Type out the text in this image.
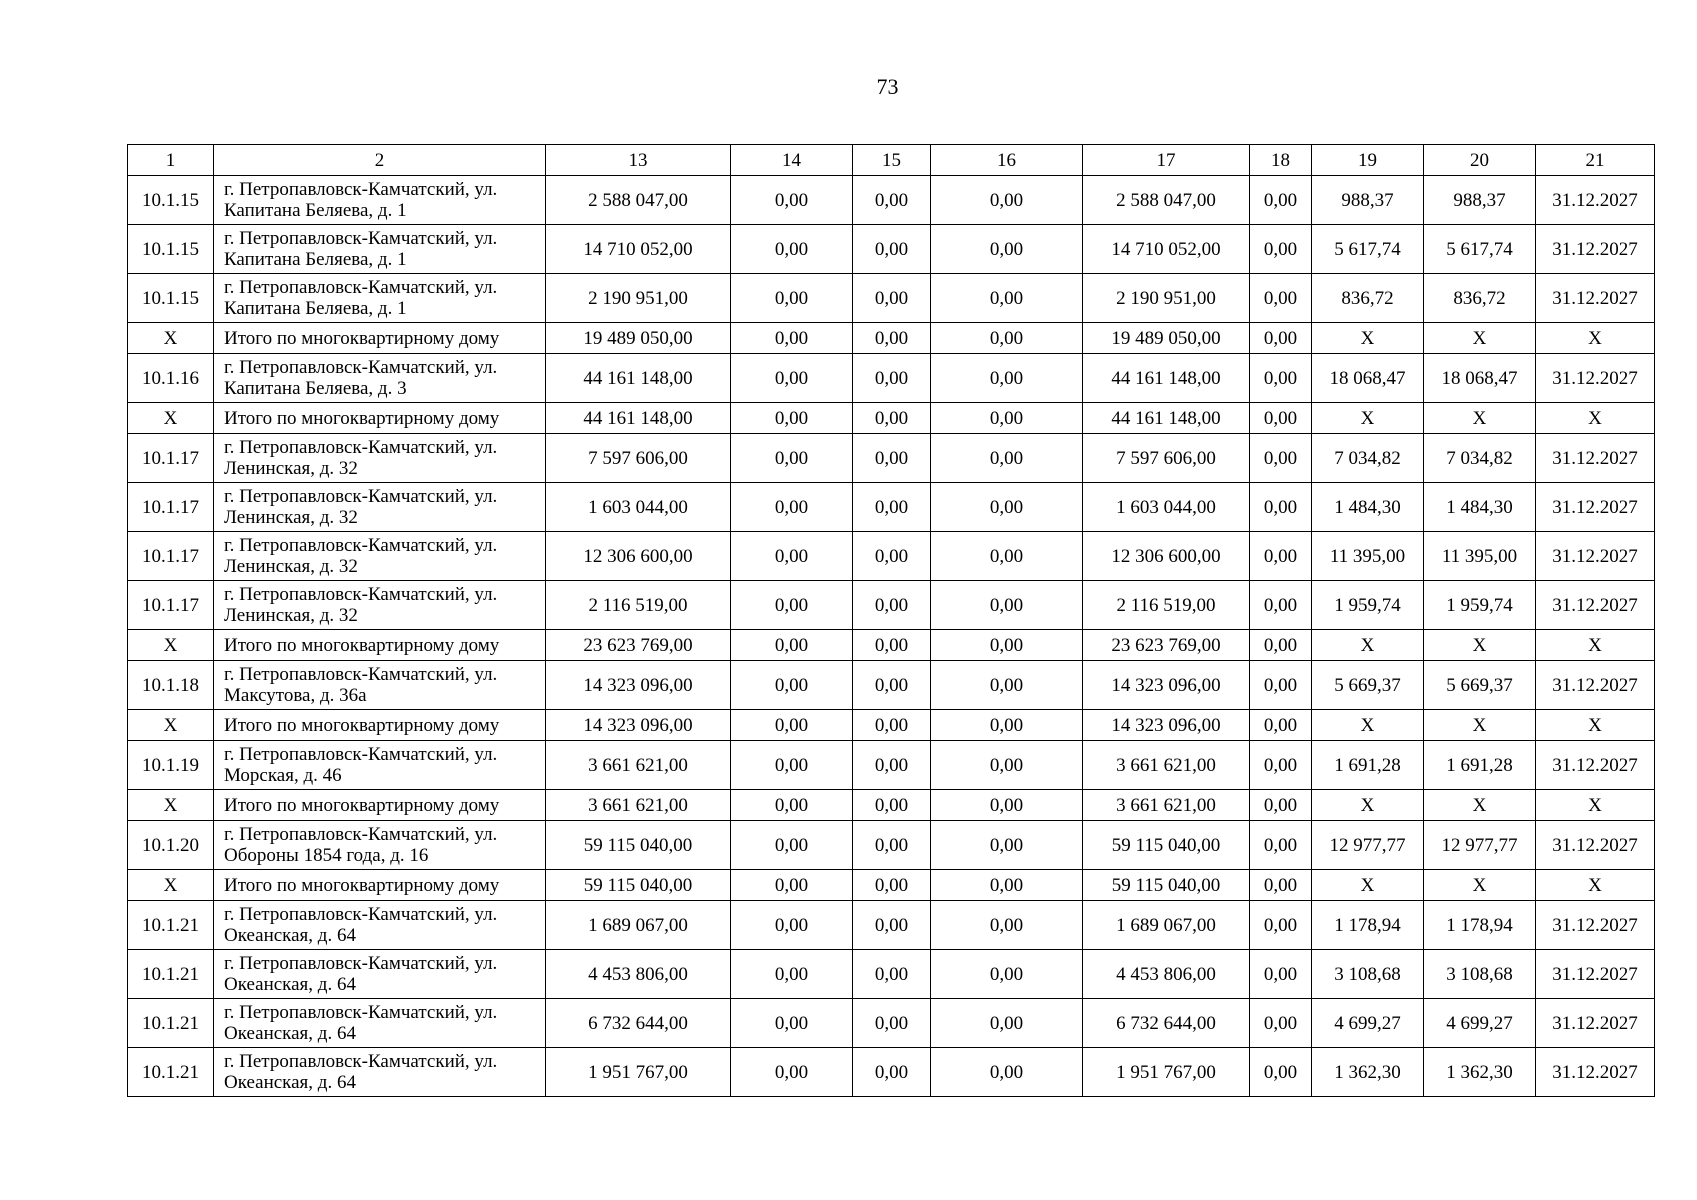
73
1	2	13	14	15	16	17	18	19	20	21
10.1.15	г. Петропавловск-Камчатский, ул. Капитана Беляева, д. 1	2 588 047,00	0,00	0,00	0,00	2 588 047,00	0,00	988,37	988,37	31.12.2027
10.1.15	г. Петропавловск-Камчатский, ул. Капитана Беляева, д. 1	14 710 052,00	0,00	0,00	0,00	14 710 052,00	0,00	5 617,74	5 617,74	31.12.2027
10.1.15	г. Петропавловск-Камчатский, ул. Капитана Беляева, д. 1	2 190 951,00	0,00	0,00	0,00	2 190 951,00	0,00	836,72	836,72	31.12.2027
Х	Итого по многоквартирному дому	19 489 050,00	0,00	0,00	0,00	19 489 050,00	0,00	Х	Х	Х
10.1.16	г. Петропавловск-Камчатский, ул. Капитана Беляева, д. 3	44 161 148,00	0,00	0,00	0,00	44 161 148,00	0,00	18 068,47	18 068,47	31.12.2027
Х	Итого по многоквартирному дому	44 161 148,00	0,00	0,00	0,00	44 161 148,00	0,00	Х	Х	Х
10.1.17	г. Петропавловск-Камчатский, ул. Ленинская, д. 32	7 597 606,00	0,00	0,00	0,00	7 597 606,00	0,00	7 034,82	7 034,82	31.12.2027
10.1.17	г. Петропавловск-Камчатский, ул. Ленинская, д. 32	1 603 044,00	0,00	0,00	0,00	1 603 044,00	0,00	1 484,30	1 484,30	31.12.2027
10.1.17	г. Петропавловск-Камчатский, ул. Ленинская, д. 32	12 306 600,00	0,00	0,00	0,00	12 306 600,00	0,00	11 395,00	11 395,00	31.12.2027
10.1.17	г. Петропавловск-Камчатский, ул. Ленинская, д. 32	2 116 519,00	0,00	0,00	0,00	2 116 519,00	0,00	1 959,74	1 959,74	31.12.2027
Х	Итого по многоквартирному дому	23 623 769,00	0,00	0,00	0,00	23 623 769,00	0,00	Х	Х	Х
10.1.18	г. Петропавловск-Камчатский, ул. Максутова, д. 36а	14 323 096,00	0,00	0,00	0,00	14 323 096,00	0,00	5 669,37	5 669,37	31.12.2027
Х	Итого по многоквартирному дому	14 323 096,00	0,00	0,00	0,00	14 323 096,00	0,00	Х	Х	Х
10.1.19	г. Петропавловск-Камчатский, ул. Морская, д. 46	3 661 621,00	0,00	0,00	0,00	3 661 621,00	0,00	1 691,28	1 691,28	31.12.2027
Х	Итого по многоквартирному дому	3 661 621,00	0,00	0,00	0,00	3 661 621,00	0,00	Х	Х	Х
10.1.20	г. Петропавловск-Камчатский, ул. Обороны 1854 года, д. 16	59 115 040,00	0,00	0,00	0,00	59 115 040,00	0,00	12 977,77	12 977,77	31.12.2027
Х	Итого по многоквартирному дому	59 115 040,00	0,00	0,00	0,00	59 115 040,00	0,00	Х	Х	Х
10.1.21	г. Петропавловск-Камчатский, ул. Океанская, д. 64	1 689 067,00	0,00	0,00	0,00	1 689 067,00	0,00	1 178,94	1 178,94	31.12.2027
10.1.21	г. Петропавловск-Камчатский, ул. Океанская, д. 64	4 453 806,00	0,00	0,00	0,00	4 453 806,00	0,00	3 108,68	3 108,68	31.12.2027
10.1.21	г. Петропавловск-Камчатский, ул. Океанская, д. 64	6 732 644,00	0,00	0,00	0,00	6 732 644,00	0,00	4 699,27	4 699,27	31.12.2027
10.1.21	г. Петропавловск-Камчатский, ул. Океанская, д. 64	1 951 767,00	0,00	0,00	0,00	1 951 767,00	0,00	1 362,30	1 362,30	31.12.2027
